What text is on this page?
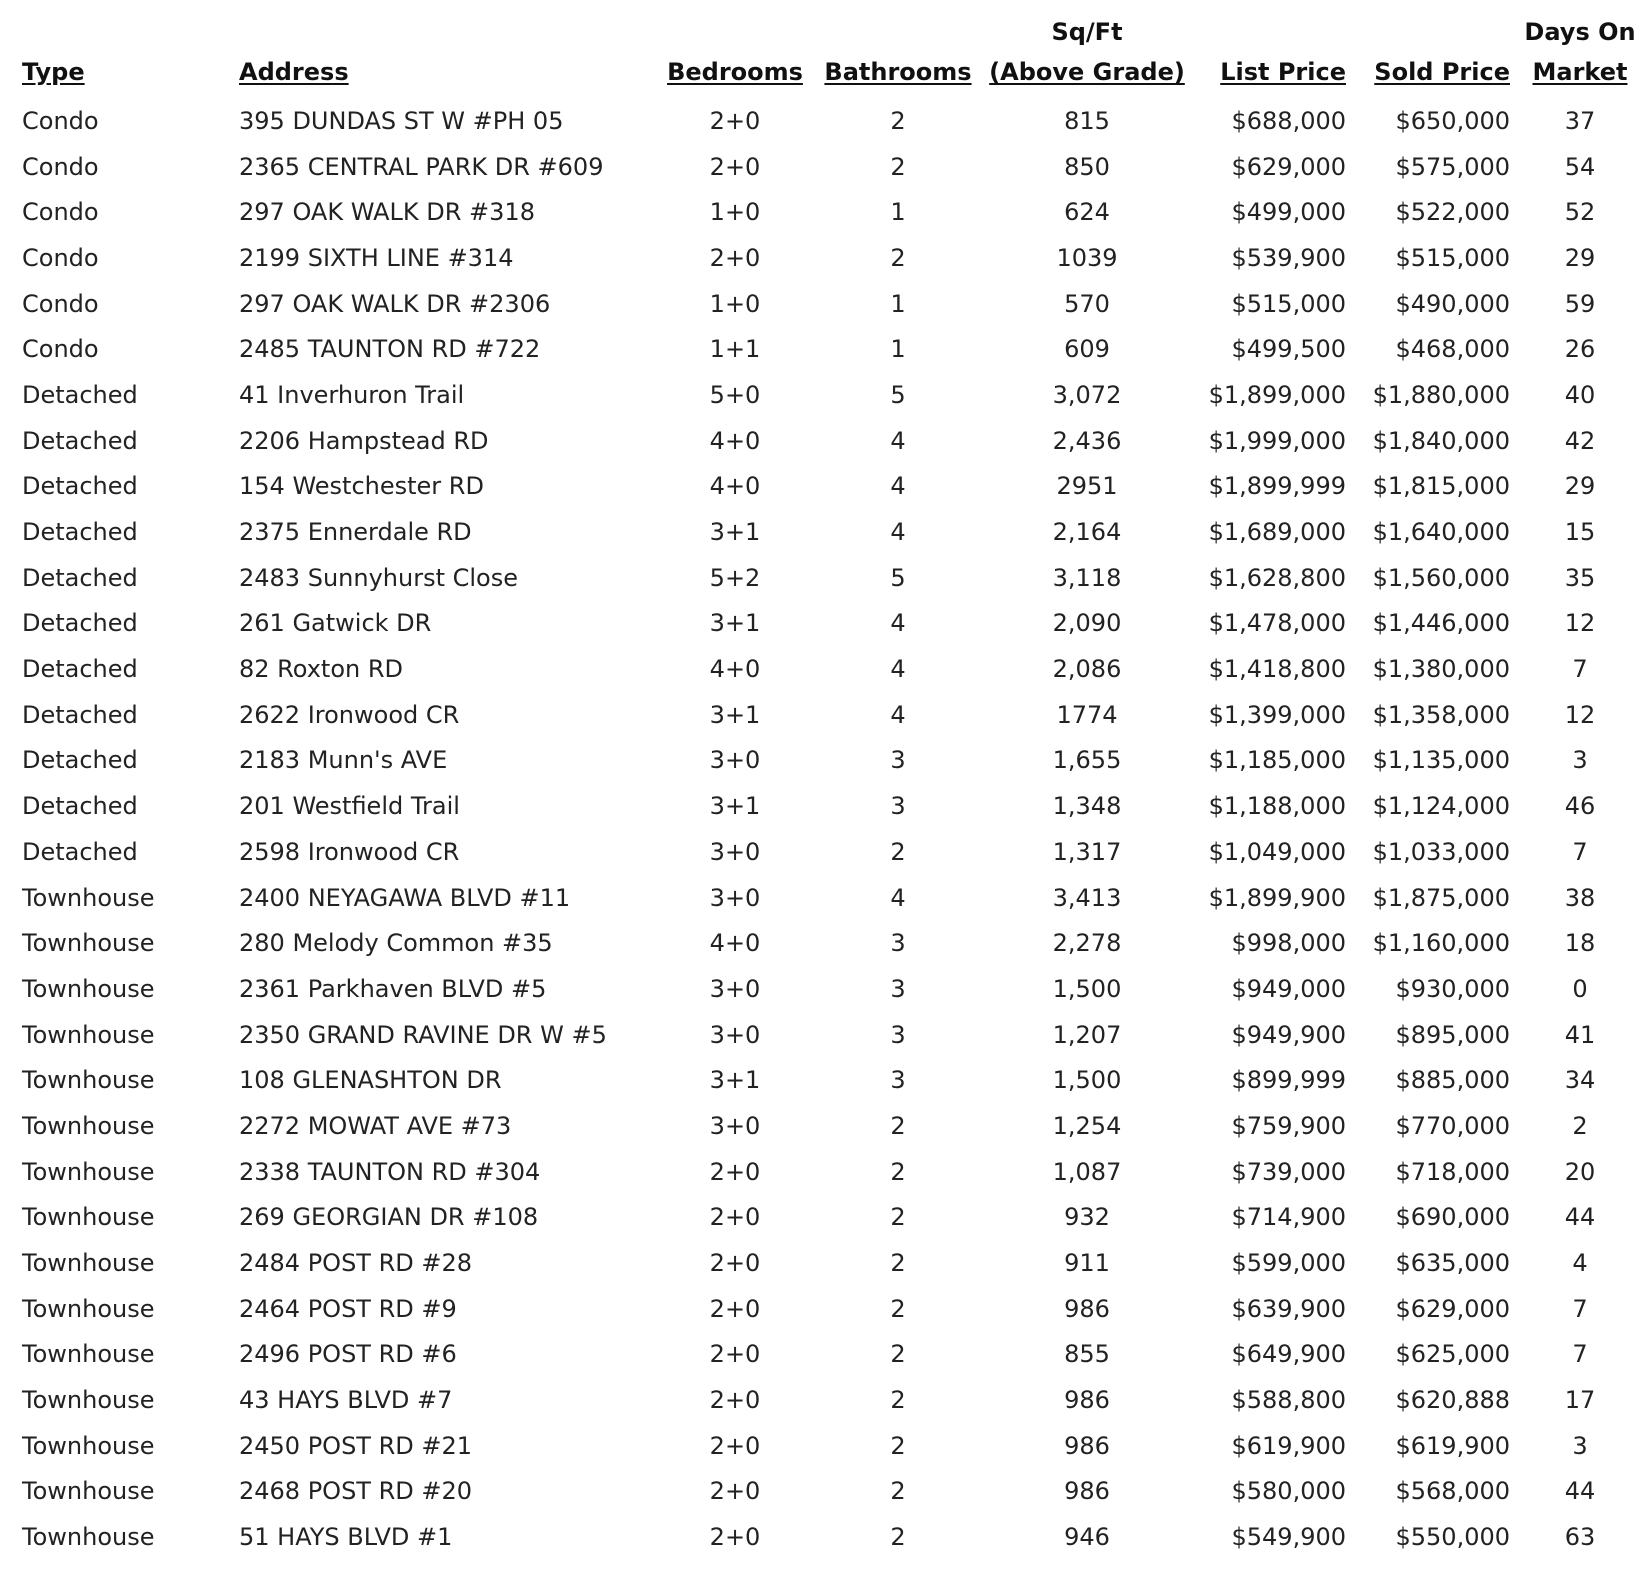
				Sq/Ft			Days On
Type	Address	Bedrooms	Bathrooms	(Above Grade)	List Price	Sold Price	Market
Condo	395 DUNDAS ST W #PH 05	2+0	2	815	$688,000	$650,000	37
Condo	2365 CENTRAL PARK DR #609	2+0	2	850	$629,000	$575,000	54
Condo	297 OAK WALK DR #318	1+0	1	624	$499,000	$522,000	52
Condo	2199 SIXTH LINE #314	2+0	2	1039	$539,900	$515,000	29
Condo	297 OAK WALK DR #2306	1+0	1	570	$515,000	$490,000	59
Condo	2485 TAUNTON RD #722	1+1	1	609	$499,500	$468,000	26
Detached	41 Inverhuron Trail	5+0	5	3,072	$1,899,000	$1,880,000	40
Detached	2206 Hampstead RD	4+0	4	2,436	$1,999,000	$1,840,000	42
Detached	154 Westchester RD	4+0	4	2951	$1,899,999	$1,815,000	29
Detached	2375 Ennerdale RD	3+1	4	2,164	$1,689,000	$1,640,000	15
Detached	2483 Sunnyhurst Close	5+2	5	3,118	$1,628,800	$1,560,000	35
Detached	261 Gatwick DR	3+1	4	2,090	$1,478,000	$1,446,000	12
Detached	82 Roxton RD	4+0	4	2,086	$1,418,800	$1,380,000	7
Detached	2622 Ironwood CR	3+1	4	1774	$1,399,000	$1,358,000	12
Detached	2183 Munn's AVE	3+0	3	1,655	$1,185,000	$1,135,000	3
Detached	201 Westfield Trail	3+1	3	1,348	$1,188,000	$1,124,000	46
Detached	2598 Ironwood CR	3+0	2	1,317	$1,049,000	$1,033,000	7
Townhouse	2400 NEYAGAWA BLVD #11	3+0	4	3,413	$1,899,900	$1,875,000	38
Townhouse	280 Melody Common #35	4+0	3	2,278	$998,000	$1,160,000	18
Townhouse	2361 Parkhaven BLVD #5	3+0	3	1,500	$949,000	$930,000	0
Townhouse	2350 GRAND RAVINE DR W #5	3+0	3	1,207	$949,900	$895,000	41
Townhouse	108 GLENASHTON DR	3+1	3	1,500	$899,999	$885,000	34
Townhouse	2272 MOWAT AVE #73	3+0	2	1,254	$759,900	$770,000	2
Townhouse	2338 TAUNTON RD #304	2+0	2	1,087	$739,000	$718,000	20
Townhouse	269 GEORGIAN DR #108	2+0	2	932	$714,900	$690,000	44
Townhouse	2484 POST RD #28	2+0	2	911	$599,000	$635,000	4
Townhouse	2464 POST RD #9	2+0	2	986	$639,900	$629,000	7
Townhouse	2496 POST RD #6	2+0	2	855	$649,900	$625,000	7
Townhouse	43 HAYS BLVD #7	2+0	2	986	$588,800	$620,888	17
Townhouse	2450 POST RD #21	2+0	2	986	$619,900	$619,900	3
Townhouse	2468 POST RD #20	2+0	2	986	$580,000	$568,000	44
Townhouse	51 HAYS BLVD #1	2+0	2	946	$549,900	$550,000	63
